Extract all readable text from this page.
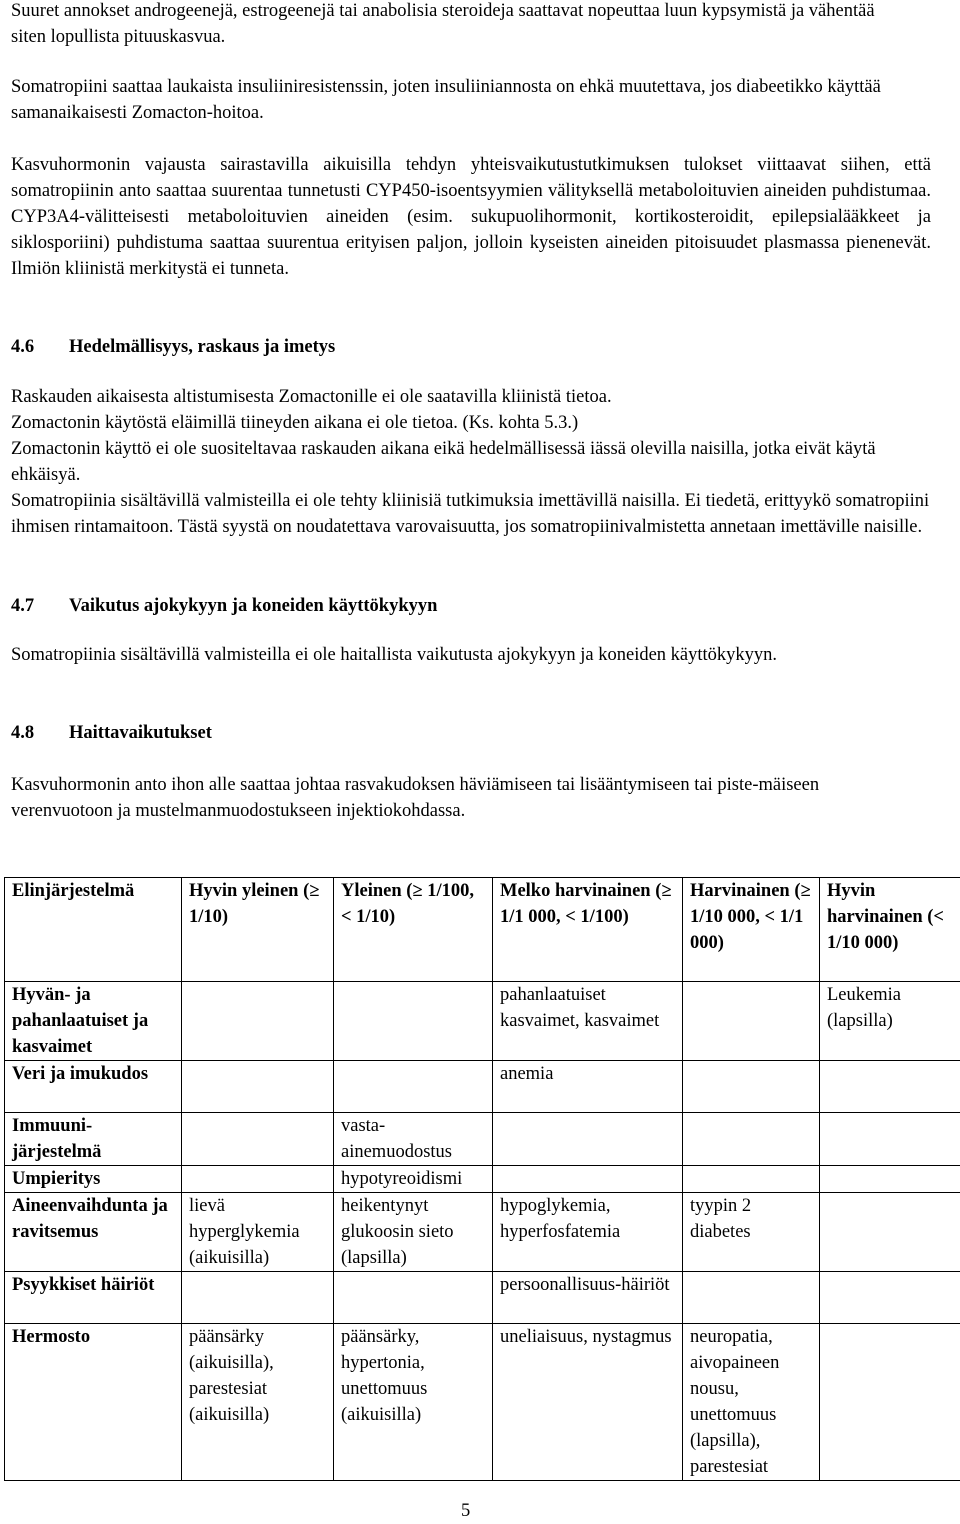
Suuret annokset androgeenejä, estrogeenejä tai anabolisia steroideja saattavat nopeuttaa luun kypsymistä ja vähentää siten lopullista pituuskasvua.

Somatropiini saattaa laukaista insuliiniresistenssin, joten insuliiniannosta on ehkä muutettava, jos diabeetikko käyttää samanaikaisesti Zomacton-hoitoa.

Kasvuhormonin vajausta sairastavilla aikuisilla tehdyn yhteisvaikutustutkimuksen tulokset viittaavat siihen, että somatropiinin anto saattaa suurentaa tunnetusti CYP450-isoentsyymien välityksellä metaboloituvien aineiden puhdistumaa. CYP3A4-välitteisesti metaboloituvien aineiden (esim. sukupuolihormonit, kortikosteroidit, epilepsialääkkeet ja siklosporiini) puhdistuma saattaa suurentua erityisen paljon, jolloin kyseisten aineiden pitoisuudet plasmassa pienenevät. Ilmiön kliinistä merkitystä ei tunneta.

4.6 Hedelmällisyys, raskaus ja imetys

Raskauden aikaisesta altistumisesta Zomactonille ei ole saatavilla kliinistä tietoa.

Zomactonin käytöstä eläimillä tiineyden aikana ei ole tietoa. (Ks. kohta 5.3.)

Zomactonin käyttö ei ole suositeltavaa raskauden aikana eikä hedelmällisessä iässä olevilla naisilla, jotka eivät käytä ehkäisyä.

Somatropiinia sisältävillä valmisteilla ei ole tehty kliinisiä tutkimuksia imettävillä naisilla. Ei tiedetä, erittyykö somatropiini ihmisen rintamaitoon. Tästä syystä on noudatettava varovaisuutta, jos somatropiinivalmistetta annetaan imettäville naisille.

4.7 Vaikutus ajokykyyn ja koneiden käyttökykyyn

Somatropiinia sisältävillä valmisteilla ei ole haitallista vaikutusta ajokykyyn ja koneiden käyttökykyyn.

4.8 Haittavaikutukset

Kasvuhormonin anto ihon alle saattaa johtaa rasvakudoksen häviämiseen tai lisääntymiseen tai piste-mäiseen verenvuotoon ja mustelmanmuodostukseen injektiokohdassa.

Elinjärjestelmä	Hyvin yleinen (≥ 1/10)	Yleinen (≥ 1/100, < 1/10)	Melko harvinainen (≥ 1/1 000, < 1/100)	Harvinainen (≥ 1/10 000, < 1/1 000)	Hyvin harvinainen (< 1/10 000)
Hyvän- ja pahanlaatuiset ja kasvaimet			pahanlaatuiset kasvaimet, kasvaimet		Leukemia (lapsilla)
Veri ja imukudos			anemia		
Immuuni-järjestelmä		vasta-ainemuodostus			
Umpieritys		hypotyreoidismi			
Aineenvaihdunta ja ravitsemus	lievä hyperglykemia (aikuisilla)	heikentynyt glukoosin sieto (lapsilla)	hypoglykemia, hyperfosfatemia	tyypin 2 diabetes	
Psyykkiset häiriöt			persoonallisuus-häiriöt		
Hermosto	päänsärky (aikuisilla), parestesiat (aikuisilla)	päänsärky, hypertonia, unettomuus (aikuisilla)	uneliaisuus, nystagmus	neuropatia, aivopaineen nousu, unettomuus (lapsilla), parestesiat	
5
